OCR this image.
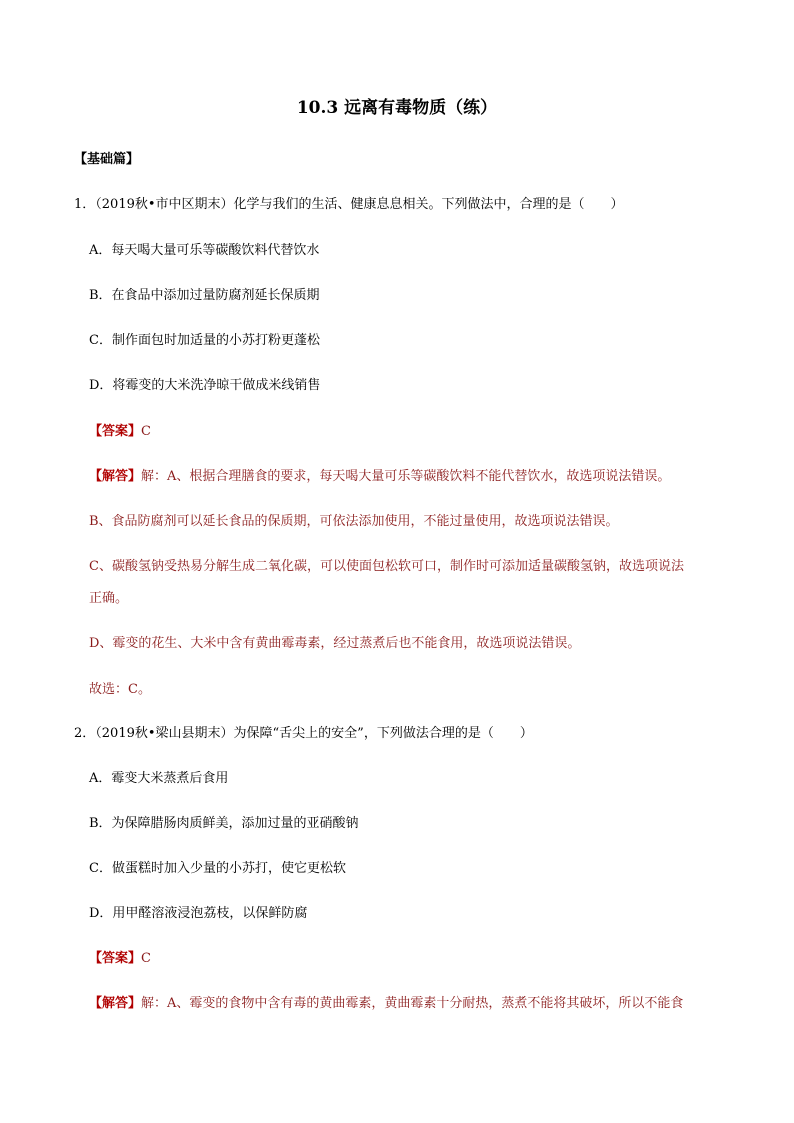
10.3 远离有毒物质（练）
【基础篇】
1．（2019秋•市中区期末）化学与我们的生活、健康息息相关。下列做法中，合理的是（　　）
A．每天喝大量可乐等碳酸饮料代替饮水
B．在食品中添加过量防腐剂延长保质期
C．制作面包时加适量的小苏打粉更蓬松
D．将霉变的大米洗净晾干做成米线销售
【答案】C
【解答】解：A、根据合理膳食的要求，每天喝大量可乐等碳酸饮料不能代替饮水，故选项说法错误。
B、食品防腐剂可以延长食品的保质期，可依法添加使用，不能过量使用，故选项说法错误。
C、碳酸氢钠受热易分解生成二氧化碳，可以使面包松软可口，制作时可添加适量碳酸氢钠，故选项说法
正确。
D、霉变的花生、大米中含有黄曲霉毒素，经过蒸煮后也不能食用，故选项说法错误。
故选：C。
2．（2019秋•梁山县期末）为保障“舌尖上的安全”，下列做法合理的是（　　）
A．霉变大米蒸煮后食用
B．为保障腊肠肉质鲜美，添加过量的亚硝酸钠
C．做蛋糕时加入少量的小苏打，使它更松软
D．用甲醛溶液浸泡荔枝，以保鲜防腐
【答案】C
【解答】解：A、霉变的食物中含有毒的黄曲霉素，黄曲霉素十分耐热，蒸煮不能将其破坏，所以不能食
